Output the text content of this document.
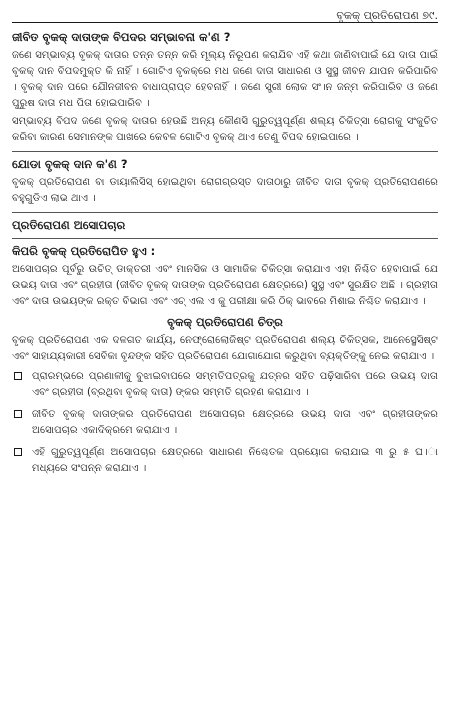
ବୃକକ୍ ପ୍ରତିରୋପଣ ୭୯.
ଜୀବିତ ବୃକକ୍ ଦାତାଙ୍କ ବିପଦର ସମ୍ଭାବନା କ'ଣ ?

ଜଣେ ସମ୍ଭାବ୍ୟ ବୃକକ୍ ଦାତାର ତନ୍ନ ତନ୍ନ କରି ମୂଲ୍ୟ ନିରୂପଣ କରାଯିବ ଏହି କଥା ଜାଣିବାପାଇଁ ଯେ ଦାତା ପାଇଁ ବୃକକ୍ ଦାନ ବିପଦମୁକ୍ତ କି ନାହିଁ । ଗୋଟିଏ ବୃକକ୍‌ରେ ମଧ ଜଣେ ଦାତା ସାଧାରଣ ଓ ସୁସ୍ଥ ଜୀବନ ଯାପନ କରିପାରିବ । ବୃକକ୍ ଦାନ ପରେ ଯୌନଜୀବନ ବାଧାପ୍ରାପ୍ତ ହେବନାହିଁ । ଜଣେ ସ୍ତ୍ରୀ ଲୋକ ସଂ।ନ ଜନ୍ମ କରିପାରିବ ଓ ଜଣେ ପୁରୁଷ ଦାତା ମଧ ପିତା ହୋଇପାରିବ ।

ସମ୍ଭାବ୍ୟ ବିପଦ ଜଣେ ବୃକକ୍ ଦାତାର ହେଉଛି ଅନ୍ୟ କୌଣସି ଗୁରୁତ୍ୱପୂର୍ଣ୍ଣ ଶଲ୍ୟ ଚିକିତ୍ସା ରୋଗକୁ ସଂକୁଚିତ କରିବା କାରଣ ସେମାନଙ୍କ ପାଖରେ କେବଳ ଗୋଟିଏ ବୃକକ୍ ଥାଏ ତେଣୁ ବିପଦ ହୋଇପାରେ ।

ଯୋଡା ବୃକକ୍ ଦାନ କ'ଣ ?

ବୃକକ୍ ପ୍ରତିରୋପଣ ବା ଡାୟାଲିସିସ୍ ହୋଇଥିବା ରୋଗଗ୍ରସ୍ତ ଦାତାଠାରୁ ଜୀବିତ ଦାତା ବୃକକ୍ ପ୍ରତିରୋପଣରେ ବହୁଗୁଡିଏ ଲାଭ ଥାଏ ।

ପ୍ରତିରୋପଣ ଅସୋପଚାର
କିପରି ବୃକକ୍ ପ୍ରତିରୋପିତ ହୁଏ :

ଅସୋପଚାର ପୂର୍ବରୁ ଉଚିତ୍ ଡାକ୍ତରୀ ଏବଂ ମାନସିକ ଓ ସାମାଜିକ ଚିକିତ୍ସା କରାଯାଏ ଏହା ନିଶ୍ଚିତ ହେବାପାଇଁ ଯେ ଉଭୟ ଦାତା ଏବଂ ଗ୍ରହୀତା (ଜୀବିତ ବୃକକ୍ ଦାତାଙ୍କ ପ୍ରତିରୋପଣ କ୍ଷେତ୍ରରେ) ସୁସ୍ଥ ଏବଂ ସୁରକ୍ଷିତ ଅଛି । ଗ୍ରହୀତା ଏବଂ ଦାତା ଉଭୟଙ୍କ ରକ୍ତ ବିଭାଗ ଏବଂ ଏଚ୍ ଏଲ ଏ କୁ ପରୀକ୍ଷା କରି ଠିକ୍ ଭାବରେ ମିଶାଇ ନିଶ୍ଚିତ କରାଯାଏ ।

ବୃକକ୍ ପ୍ରତିରୋପଣ ଚିତ୍ର

ବୃକକ୍ ପ୍ରତିରୋପଣ ଏକ ଦଳଗତ କାର୍ଯ୍ୟ, ନେଫ୍ରୋଲୋଜିଷ୍ଟ ପ୍ରତିରୋପଣ ଶଲ୍ୟ ଚିକିତ୍ସକ, ଆନେସ୍ଥେସିଷ୍ଟ ଏବଂ ସାହାଯ୍ୟକାରୀ ସେବିକା ବୃନ୍ଦଙ୍କ ସହିତ ପ୍ରତିରୋପଣ ଯୋଗାଯୋଗ କରୁଥିବା ବ୍ୟକ୍ତିଙ୍କୁ ନେଇ କରାଯାଏ ।

ପ୍ରାରମ୍ଭରେ ପ୍ରଣାଳୀକୁ ବୁଝାଇବାପରେ ସମ୍ମତିପତ୍ରକୁ ଯତ୍ନର ସହିତ ପଢ଼ିସାରିବା ପରେ ଉଭୟ ଦାତା ଏବଂ ଗ୍ରହୀତା (ବ୍ରଥିବା ବୃକକ୍ ଦାତା) ଙ୍କର ସମ୍ମତି ଗ୍ରହଣ କରାଯାଏ ।
ଜୀବିତ ବୃକକ୍ ଦାତାଙ୍କର ପ୍ରତିରୋପଣ ଅସୋପଚାର କ୍ଷେତ୍ରରେ ଉଭୟ ଦାତା ଏବଂ ଗ୍ରହୀତାଙ୍କର ଅସୋପଚାର ଏକାଦିକ୍ରମେ କରାଯାଏ ।
ଏହି ଗୁରୁତ୍ୱପୂର୍ଣ୍ଣ ଅସୋପଚାର କ୍ଷେତ୍ରରେ ସାଧାରଣ ନିଶ୍ଚେତକ ପ୍ରୟୋଗ କରାଯାଇ ୩ ରୁ ୫ ଘ।ା ମଧ୍ୟରେ ସଂପନ୍ନ କରାଯାଏ ।
